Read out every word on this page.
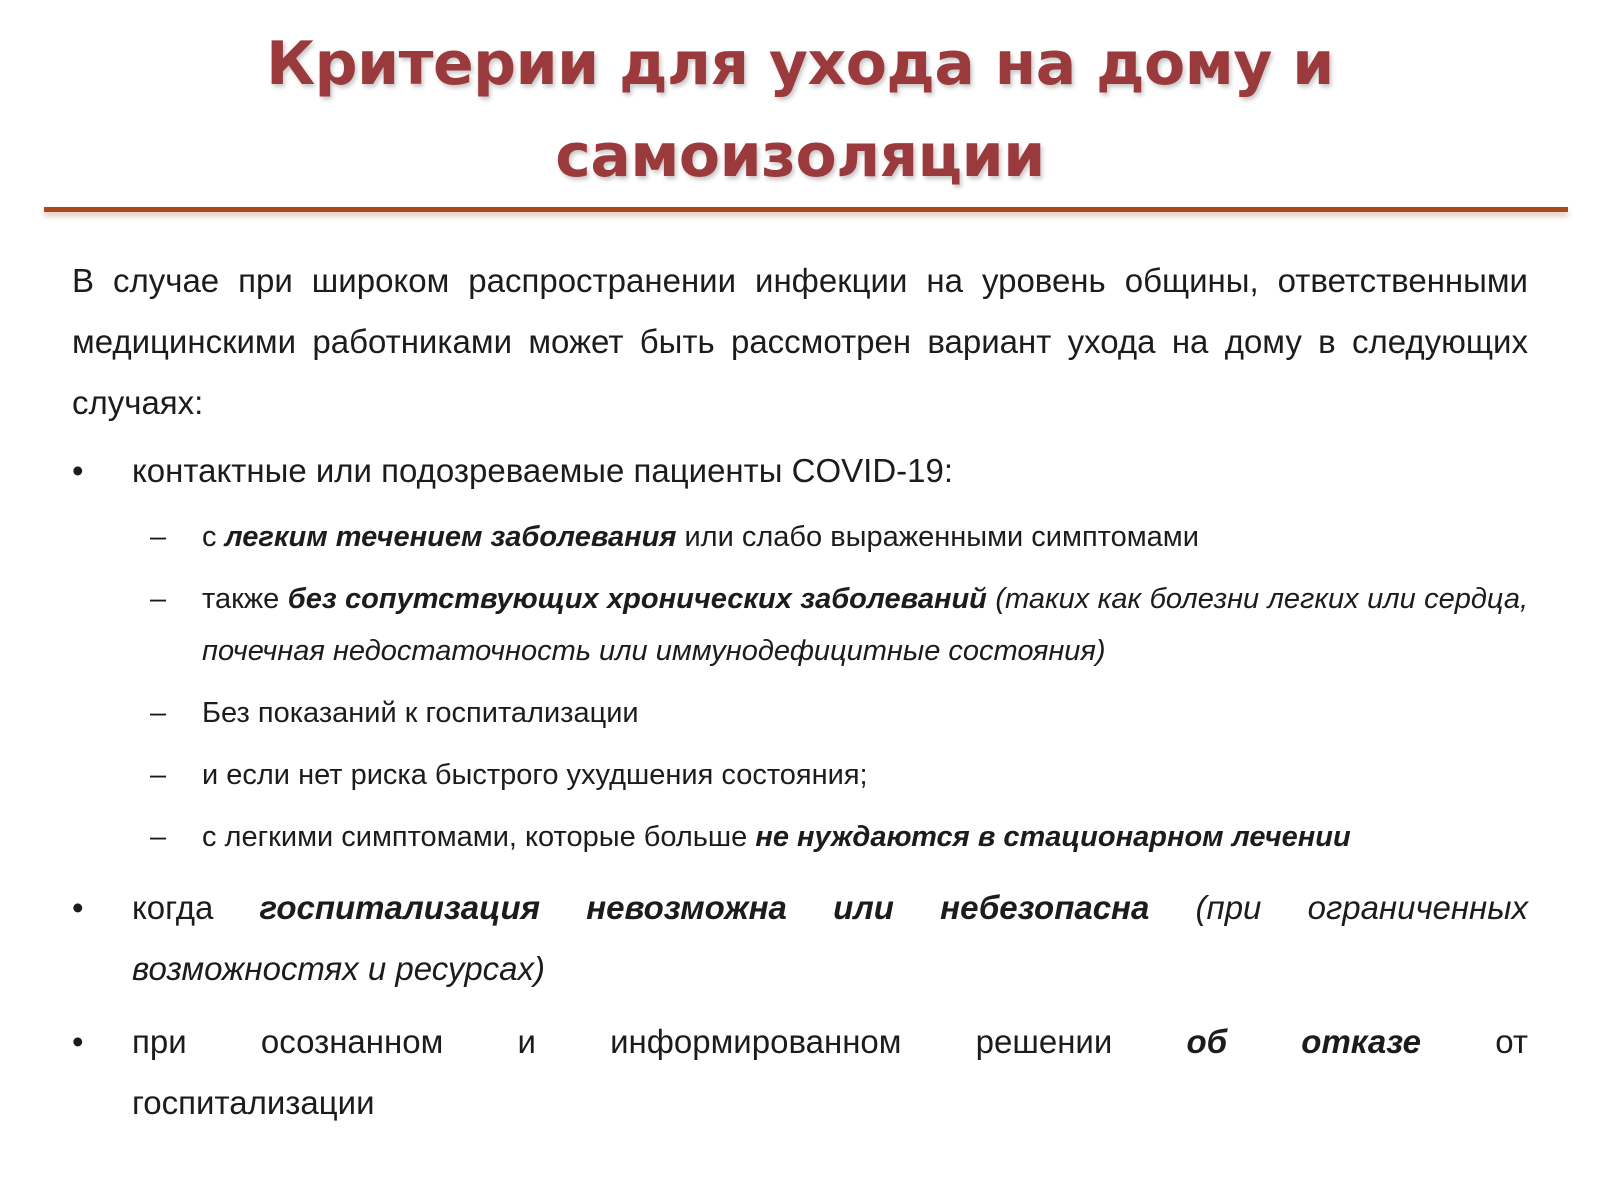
Критерии для ухода на дому и самоизоляции

В случае при широком распространении инфекции на уровень общины, ответственными медицинскими работниками может быть рассмотрен вариант ухода на дому в следующих случаях:

•	контактные или подозреваемые пациенты COVID-19:
– с легким течением заболевания или слабо выраженными симптомами
– также без сопутствующих хронических заболеваний (таких как болезни легких или сердца, почечная недостаточность или иммунодефицитные состояния)
– Без показаний к госпитализации
– и если нет риска быстрого ухудшения состояния;
– с легкими симптомами, которые больше не нуждаются в стационарном лечении
•	когда госпитализация невозможна или небезопасна (при ограниченных возможностях и ресурсах)
•	при осознанном и информированном решении об отказе от
госпитализации
